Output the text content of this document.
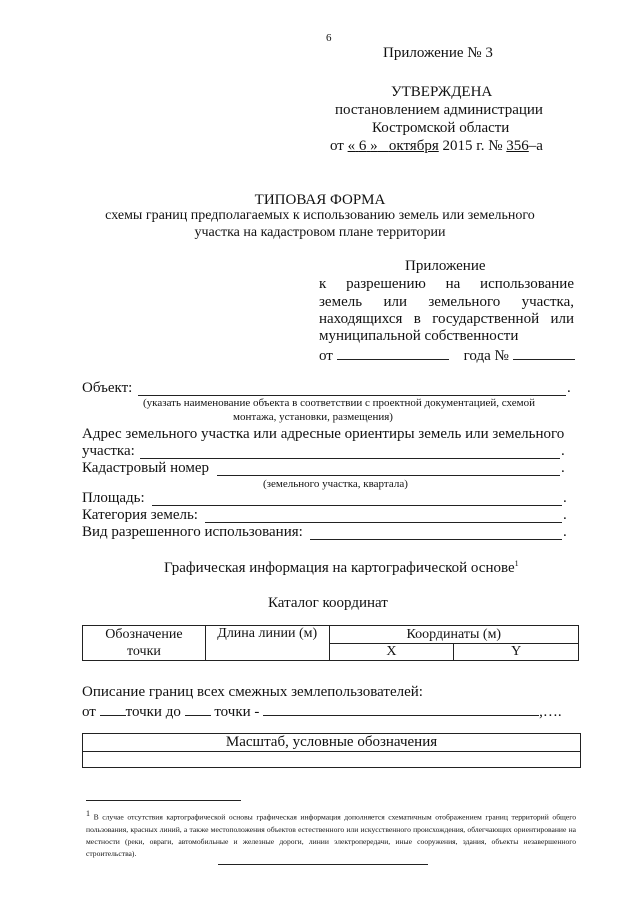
6
Приложение № 3
УТВЕРЖДЕНА
постановлением администрации
Костромской области
от « 6 » октября 2015 г. № 356–а
ТИПОВАЯ ФОРМА
схемы границ предполагаемых к использованию земель или земельного
участка на кадастровом плане территории
Приложение
к разрешению на использование
земель или земельного участка,
находящихся в государственной или
муниципальной собственности
от	года №
Объект:	.
(указать наименование объекта в соответствии с проектной документацией, схемой
монтажа, установки, размещения)
Адрес земельного участка или адресные ориентиры земель или земельного
участка:	.
Кадастровый номер	.
(земельного участка, квартала)
Площадь:	.
Категория земель:	.
Вид разрешенного использования:	.
Графическая информация на картографической основе$^1$
Каталог координат
Обозначение
точки	Длина линии (м)	Координаты (м)	
		X	Y
Описание границ всех смежных землепользователей:
от точки до точки -	,….
Масштаб, условные обозначения
$^1$ В случае отсутствия картографической основы графическая информация дополняется схематичным отображением границ территорий общего пользования, красных линий, а также местоположения объектов естественного или искусственного происхождения, облегчающих ориентирование на местности (реки, овраги, автомобильные и железные дороги, линии электропередачи, иные сооружения, здания, объекты незавершенного строительства).
